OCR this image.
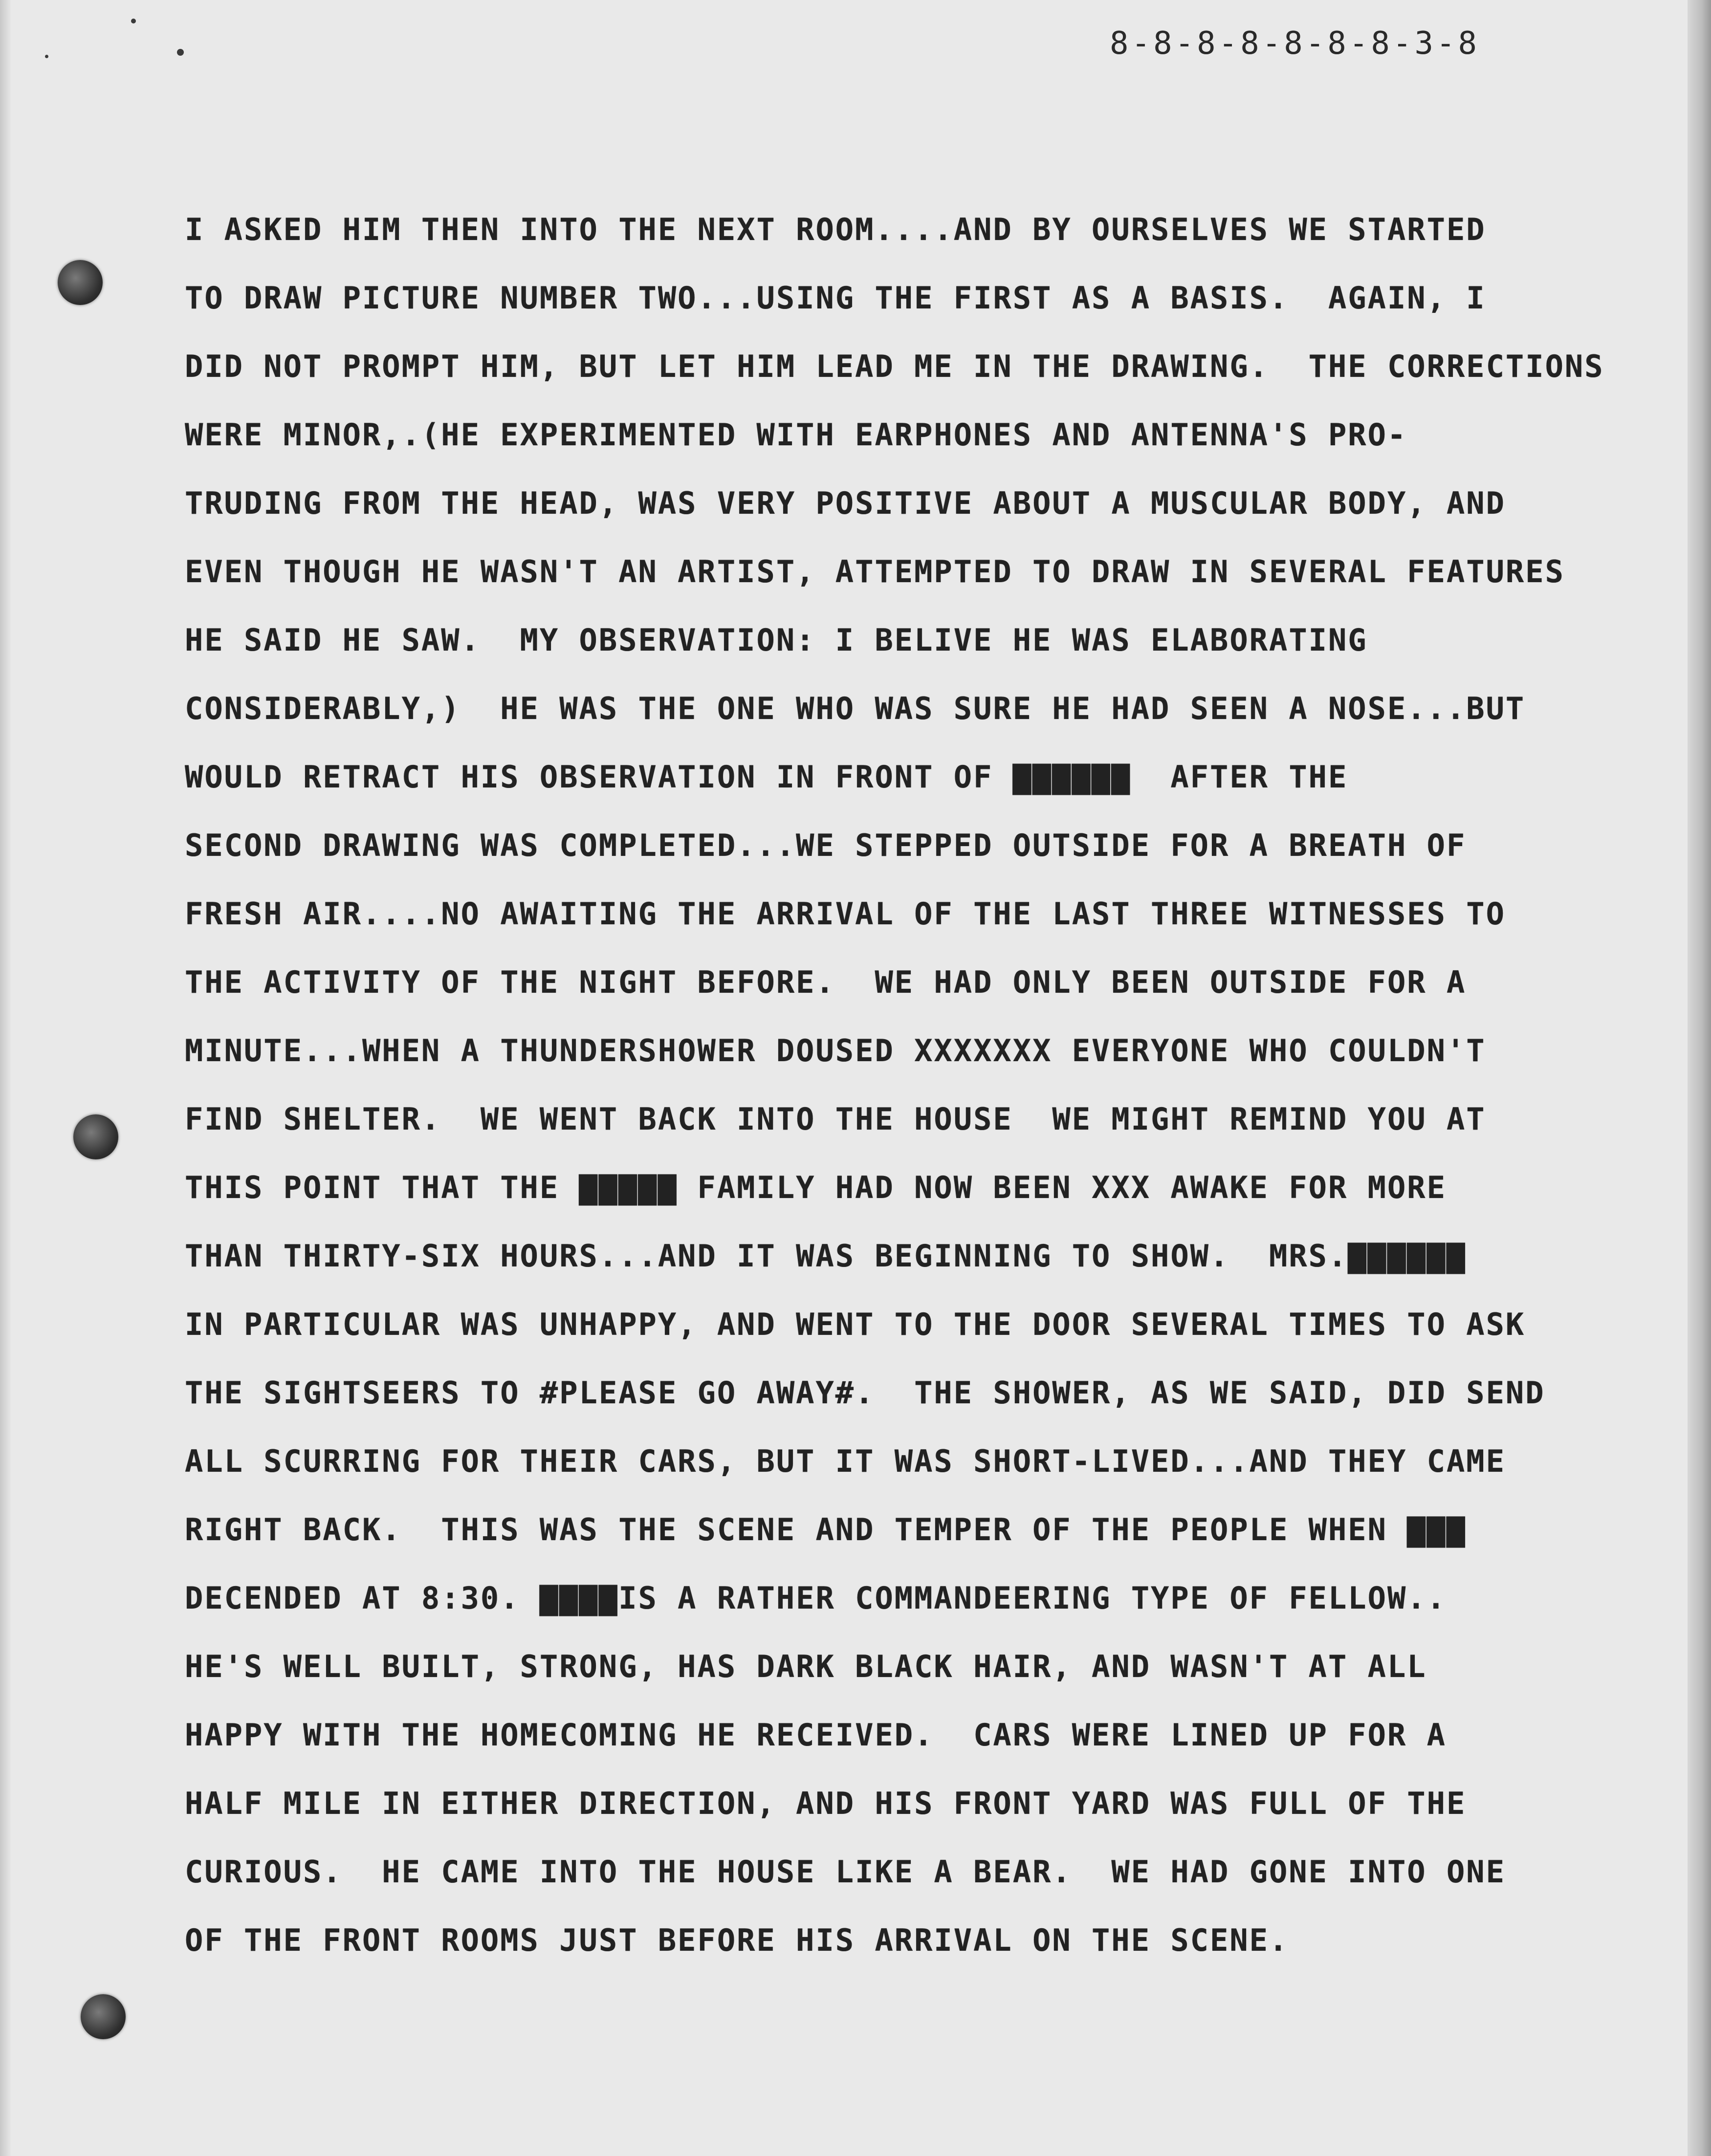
8-8-8-8-8-8-8-3-8
I ASKED HIM THEN INTO THE NEXT ROOM....AND BY OURSELVES WE STARTED
TO DRAW PICTURE NUMBER TWO...USING THE FIRST AS A BASIS.  AGAIN, I
DID NOT PROMPT HIM, BUT LET HIM LEAD ME IN THE DRAWING.  THE CORRECTIONS
WERE MINOR,.(HE EXPERIMENTED WITH EARPHONES AND ANTENNA'S PRO-
TRUDING FROM THE HEAD, WAS VERY POSITIVE ABOUT A MUSCULAR BODY, AND
EVEN THOUGH HE WASN'T AN ARTIST, ATTEMPTED TO DRAW IN SEVERAL FEATURES
HE SAID HE SAW.  MY OBSERVATION: I BELIVE HE WAS ELABORATING
CONSIDERABLY,)  HE WAS THE ONE WHO WAS SURE HE HAD SEEN A NOSE...BUT
WOULD RETRACT HIS OBSERVATION IN FRONT OF ▇▇▇▇▇▇  AFTER THE
SECOND DRAWING WAS COMPLETED...WE STEPPED OUTSIDE FOR A BREATH OF
FRESH AIR....NO AWAITING THE ARRIVAL OF THE LAST THREE WITNESSES TO
THE ACTIVITY OF THE NIGHT BEFORE.  WE HAD ONLY BEEN OUTSIDE FOR A
MINUTE...WHEN A THUNDERSHOWER DOUSED XXXXXXX EVERYONE WHO COULDN'T
FIND SHELTER.  WE WENT BACK INTO THE HOUSE  WE MIGHT REMIND YOU AT
THIS POINT THAT THE ▇▇▇▇▇ FAMILY HAD NOW BEEN XXX AWAKE FOR MORE
THAN THIRTY-SIX HOURS...AND IT WAS BEGINNING TO SHOW.  MRS.▇▇▇▇▇▇
IN PARTICULAR WAS UNHAPPY, AND WENT TO THE DOOR SEVERAL TIMES TO ASK
THE SIGHTSEERS TO #PLEASE GO AWAY#.  THE SHOWER, AS WE SAID, DID SEND
ALL SCURRING FOR THEIR CARS, BUT IT WAS SHORT-LIVED...AND THEY CAME
RIGHT BACK.  THIS WAS THE SCENE AND TEMPER OF THE PEOPLE WHEN ▇▇▇
DECENDED AT 8:30. ▇▇▇▇IS A RATHER COMMANDEERING TYPE OF FELLOW..
HE'S WELL BUILT, STRONG, HAS DARK BLACK HAIR, AND WASN'T AT ALL
HAPPY WITH THE HOMECOMING HE RECEIVED.  CARS WERE LINED UP FOR A
HALF MILE IN EITHER DIRECTION, AND HIS FRONT YARD WAS FULL OF THE
CURIOUS.  HE CAME INTO THE HOUSE LIKE A BEAR.  WE HAD GONE INTO ONE
OF THE FRONT ROOMS JUST BEFORE HIS ARRIVAL ON THE SCENE.
